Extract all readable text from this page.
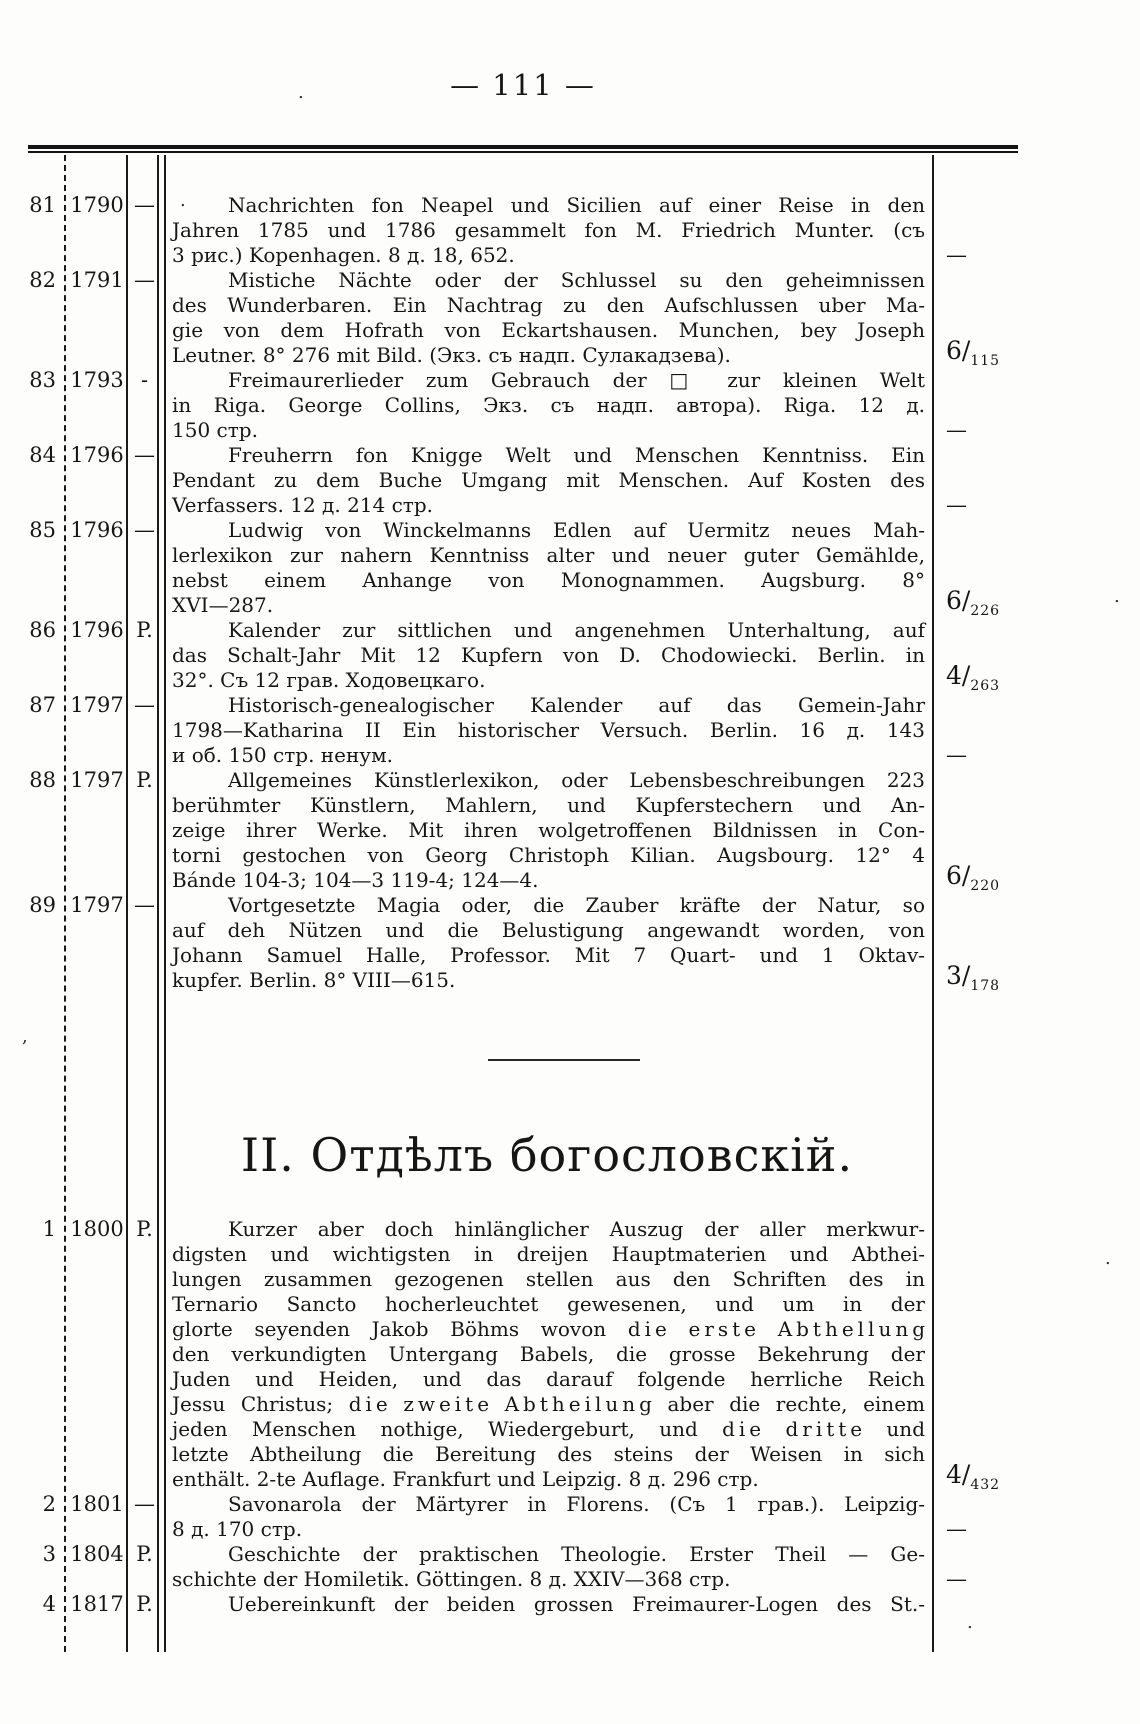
— 111 —
81 1790 —	Nachrichten fon Neapel und Sicilien auf einer Reise in den
Jahren 1785 und 1786 gesammelt fon M. Friedrich Munter. (съ
3 рис.) Kopenhagen. 8 д. 18, 652.	—
82 1791 —	Mistiche Nächte oder der Schlussel su den geheimnissen
des Wunderbaren. Ein Nachtrag zu den Aufschlussen uber Ma-
gie von dem Hofrath von Eckartshausen. Munchen, bey Joseph
Leutner. 8° 276 mit Bild. (Экз. съ надп. Сулакадзева).	$6/_{115}$
83 1793 -	Freimaurerlieder zum Gebrauch der □ zur kleinen Welt
in Riga. George Collins, Экз. съ надп. автора). Riga. 12 д.
150 стр.	—
84 1796 —	Freuherrn fon Knigge Welt und Menschen Kenntniss. Ein
Pendant zu dem Buche Umgang mit Menschen. Auf Kosten des
Verfassers. 12 д. 214 стр.	—
85 1796 —	Ludwig von Winckelmanns Edlen auf Uermitz neues Mah-
lerlexikon zur nahern Kenntniss alter und neuer guter Gemählde,
nebst einem Anhange von Monognammen. Augsburg. 8°
XVI—287.	$6/_{226}$
86 1796 P.	Kalender zur sittlichen und angenehmen Unterhaltung, auf
das Schalt-Jahr Mit 12 Kupfern von D. Chodowiecki. Berlin. in
32°. Съ 12 грав. Ходовецкаго.	$4/_{263}$
87 1797 —	Historisch-genealogischer Kalender auf das Gemein-Jahr
1798—Katharina II Ein historischer Versuch. Berlin. 16 д. 143
и об. 150 стр. ненум.	—
88 1797 P.	Allgemeines Künstlerlexikon, oder Lebensbeschreibungen 223
berühmter Künstlern, Mahlern, und Kupferstechern und An-
zeige ihrer Werke. Mit ihren wolgetroffenen Bildnissen in Con-
torni gestochen von Georg Christoph Kilian. Augsbourg. 12° 4
Bánde 104-3; 104—3 119-4; 124—4.	$6/_{220}$
89 1797 —	Vortgesetzte Magia oder, die Zauber kräfte der Natur, so
auf deh Nützen und die Belustigung angewandt worden, von
Johann Samuel Halle, Professor. Mit 7 Quart- und 1 Oktav-
kupfer. Berlin. 8° VIII—615.	$3/_{178}$
II. Отдѣлъ богословскій.
1 1800 P.	Kurzer aber doch hinlänglicher Auszug der aller merkwur-
digsten und wichtigsten in dreijen Hauptmaterien und Abthei-
lungen zusammen gezogenen stellen aus den Schriften des in
Ternario Sancto hocherleuchtet gewesenen, und um in der
glorte seyenden Jakob Böhms wovon d i e e r s t e A b t h e l l u n g
den verkundigten Untergang Babels, die grosse Bekehrung der
Juden und Heiden, und das darauf folgende herrliche Reich
Jessu Christus; d i e z w e i t e A b t h e i l u n g aber die rechte, einem
jeden Menschen nothige, Wiedergeburt, und d i e d r i t t e und
letzte Abtheilung die Bereitung des steins der Weisen in sich
enthält. 2-te Auflage. Frankfurt und Leipzig. 8 д. 296 стр.	$4/_{432}$
2 1801 —	Savonarola der Märtyrer in Florens. (Съ 1 грав.). Leipzig-
8 д. 170 стр.	—
3 1804 P.	Geschichte der praktischen Theologie. Erster Theil — Ge-
schichte der Homiletik. Göttingen. 8 д. XXIV—368 стр.	—
4 1817 P.	Uebereinkunft der beiden grossen Freimaurer-Logen des St.-
.
.
,
.
.
.
